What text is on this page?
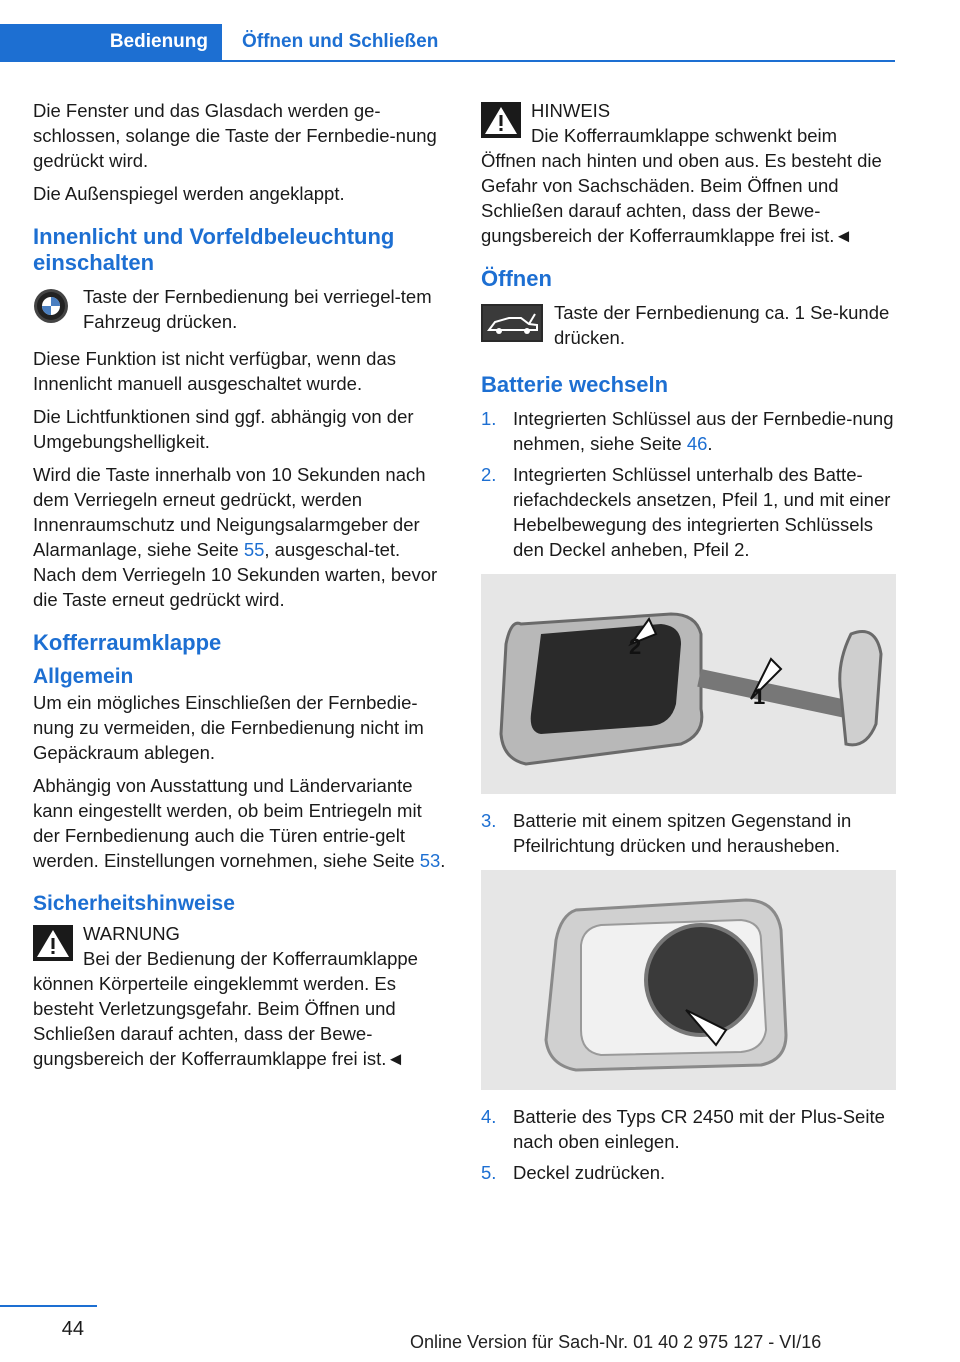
Bedienung	Öffnen und Schließen

Die Fenster und das Glasdach werden ge-schlossen, solange die Taste der Fernbedie-nung gedrückt wird.

Die Außenspiegel werden angeklappt.

Innenlicht und Vorfeldbeleuchtung einschalten
Taste der Fernbedienung bei verriegel-tem Fahrzeug drücken.

Diese Funktion ist nicht verfügbar, wenn das Innenlicht manuell ausgeschaltet wurde.

Die Lichtfunktionen sind ggf. abhängig von der Umgebungshelligkeit.

Wird die Taste innerhalb von 10 Sekunden nach dem Verriegeln erneut gedrückt, werden Innenraumschutz und Neigungsalarmgeber der Alarmanlage, siehe Seite 55, ausgeschal-tet. Nach dem Verriegeln 10 Sekunden warten, bevor die Taste erneut gedrückt wird.

Kofferraumklappe
Allgemein

Um ein mögliches Einschließen der Fernbedie-nung zu vermeiden, die Fernbedienung nicht im Gepäckraum ablegen.

Abhängig von Ausstattung und Ländervariante kann eingestellt werden, ob beim Entriegeln mit der Fernbedienung auch die Türen entrie-gelt werden. Einstellungen vornehmen, siehe Seite 53.

Sicherheitshinweise
WARNUNG
Bei der Bedienung der Kofferraumklappe
können Körperteile eingeklemmt werden. Es besteht Verletzungsgefahr. Beim Öffnen und Schließen darauf achten, dass der Bewe-gungsbereich der Kofferraumklappe frei ist.◄
HINWEIS
Die Kofferraumklappe schwenkt beim
Öffnen nach hinten und oben aus. Es besteht die Gefahr von Sachschäden. Beim Öffnen und Schließen darauf achten, dass der Bewe-gungsbereich der Kofferraumklappe frei ist.◄
Öffnen
Taste der Fernbedienung ca. 1 Se-kunde drücken.
Batterie wechseln
1. Integrierten Schlüssel aus der Fernbedie-nung nehmen, siehe Seite 46.
2. Integrierten Schlüssel unterhalb des Batte-riefachdeckels ansetzen, Pfeil 1, und mit einer Hebelbewegung des integrierten Schlüssels den Deckel anheben, Pfeil 2.
2
1
3. Batterie mit einem spitzen Gegenstand in Pfeilrichtung drücken und herausheben.
4. Batterie des Typs CR 2450 mit der Plus-Seite nach oben einlegen.
5. Deckel zudrücken.
44
Online Version für Sach-Nr. 01 40 2 975 127 - VI/16
